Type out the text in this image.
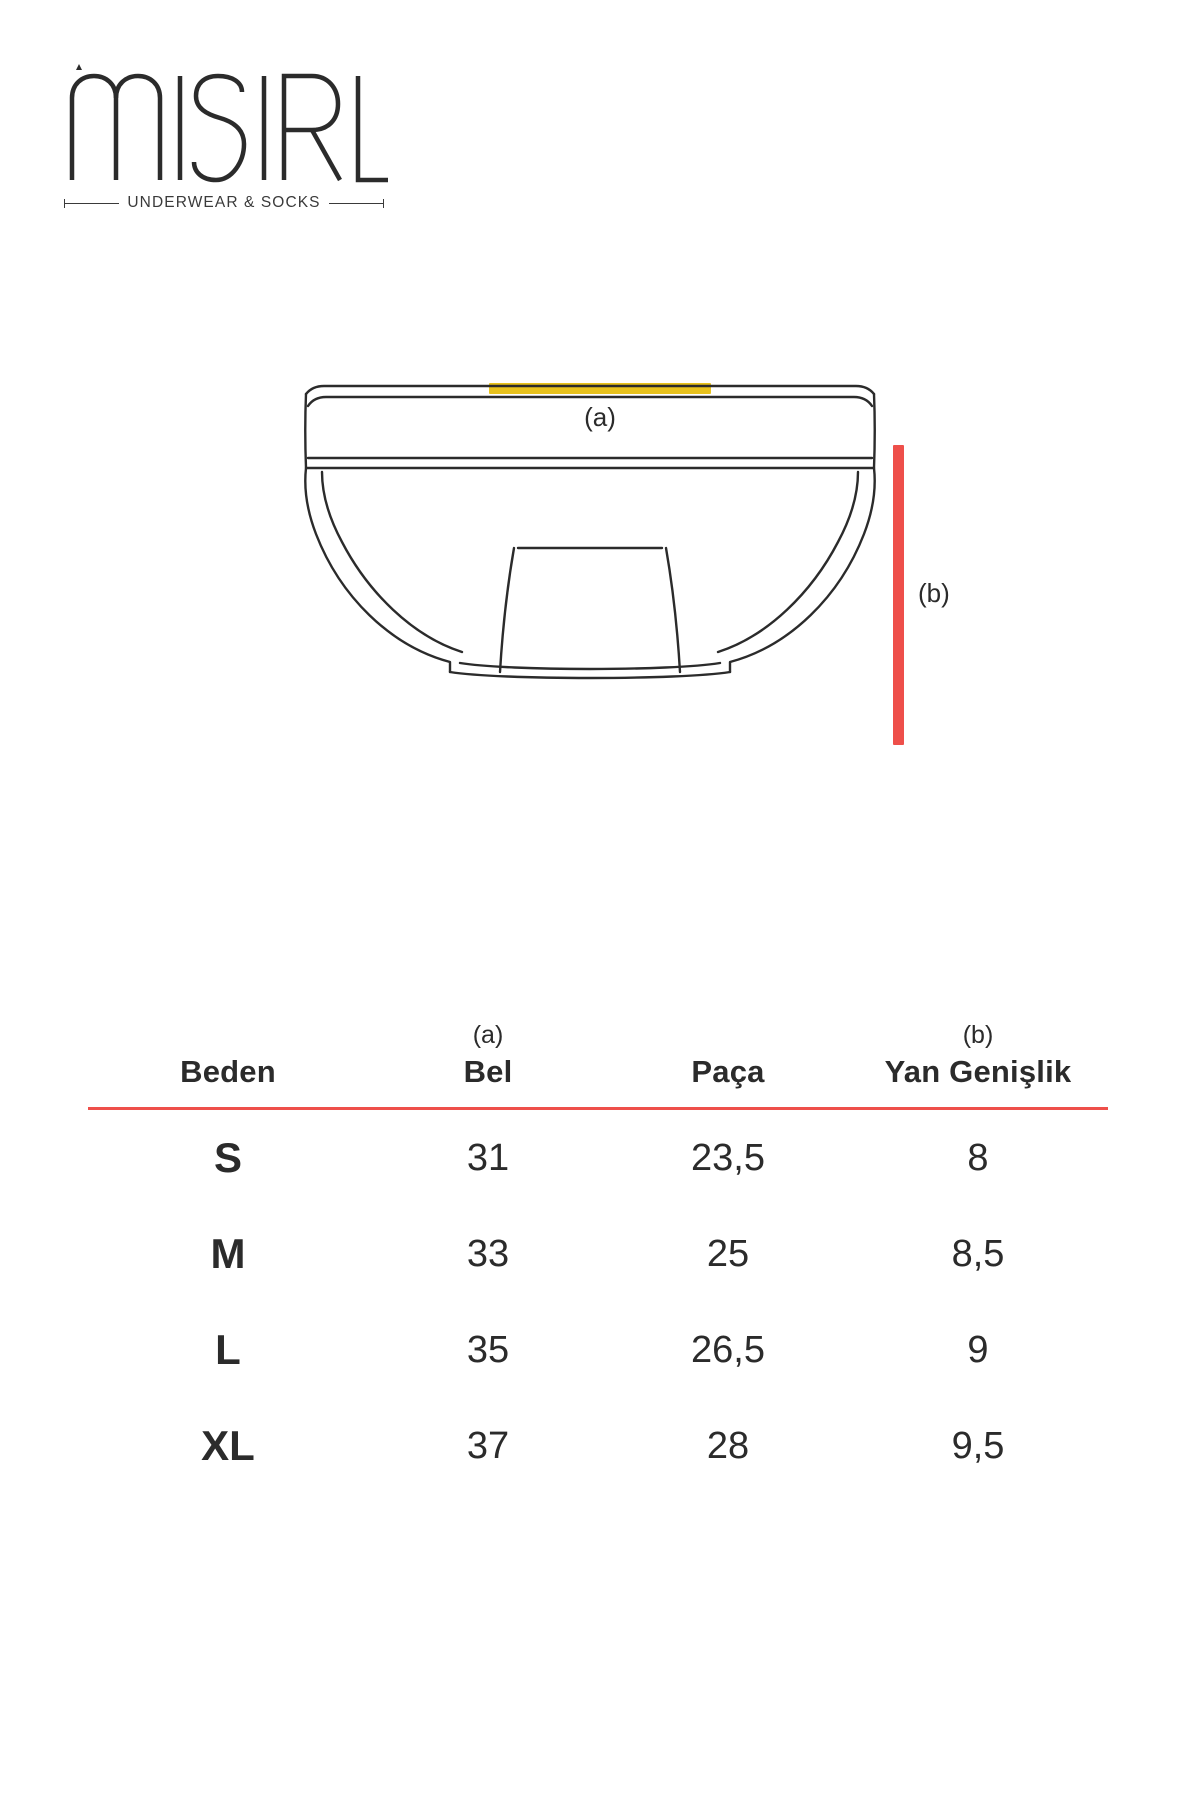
UNDERWEAR & SOCKS
(a)
(b)
	(a)		(b)
Beden	Bel	Paça	Yan Genişlik

S	31	23,5	8
M	33	25	8,5
L	35	26,5	9
XL	37	28	9,5
